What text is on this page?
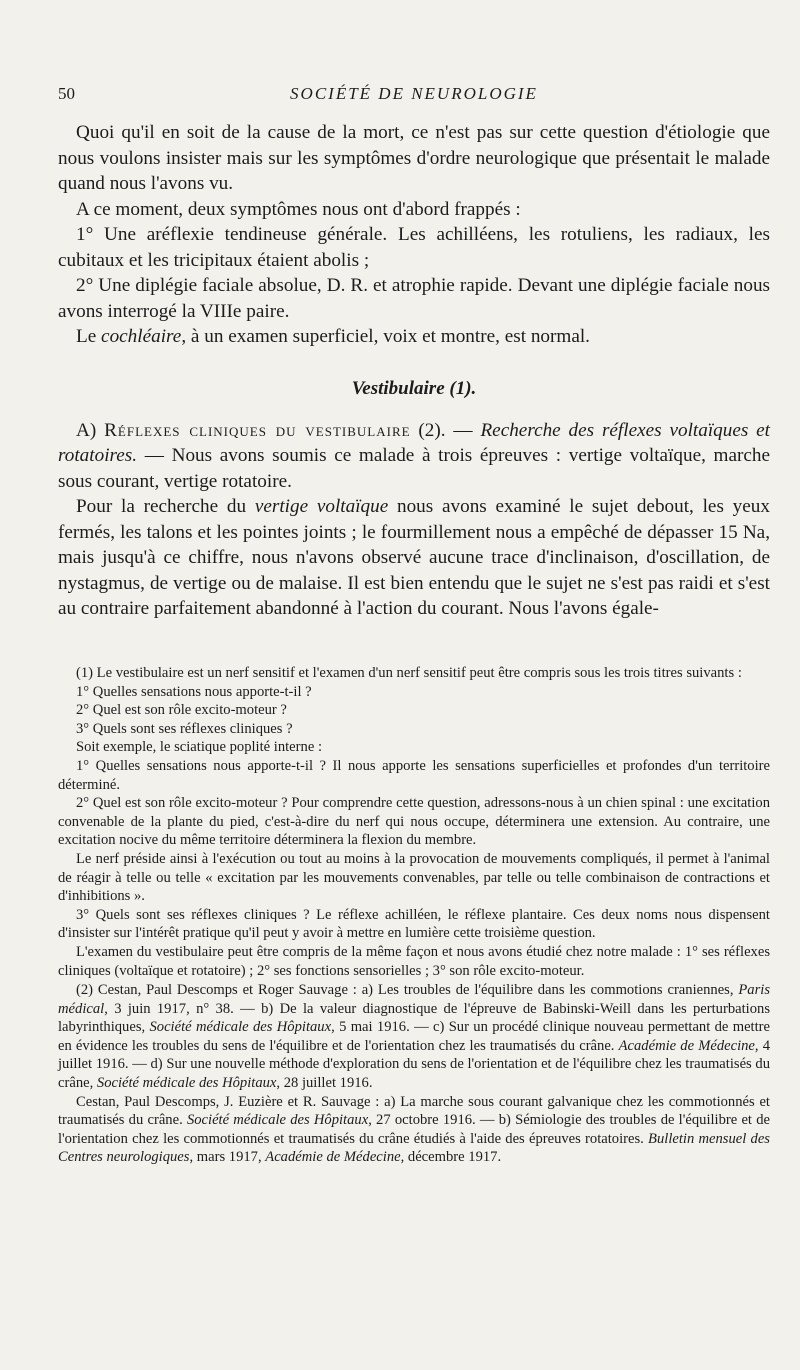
50	SOCIÉTÉ DE NEUROLOGIE

Quoi qu'il en soit de la cause de la mort, ce n'est pas sur cette question d'étiologie que nous voulons insister mais sur les symptômes d'ordre neurologique que présentait le malade quand nous l'avons vu.

A ce moment, deux symptômes nous ont d'abord frappés :

1° Une aréflexie tendineuse générale. Les achilléens, les rotuliens, les radiaux, les cubitaux et les tricipitaux étaient abolis ;

2° Une diplégie faciale absolue, D. R. et atrophie rapide. Devant une diplégie faciale nous avons interrogé la VIIIe paire.

Le cochléaire, à un examen superficiel, voix et montre, est normal.

Vestibulaire (1).

A) Réflexes cliniques du vestibulaire (2). — Recherche des réflexes voltaïques et rotatoires. — Nous avons soumis ce malade à trois épreuves : vertige voltaïque, marche sous courant, vertige rotatoire.

Pour la recherche du vertige voltaïque nous avons examiné le sujet debout, les yeux fermés, les talons et les pointes joints ; le fourmillement nous a empêché de dépasser 15 Na, mais jusqu'à ce chiffre, nous n'avons observé aucune trace d'inclinaison, d'oscillation, de nystagmus, de vertige ou de malaise. Il est bien entendu que le sujet ne s'est pas raidi et s'est au contraire parfaitement abandonné à l'action du courant. Nous l'avons égale-

(1) Le vestibulaire est un nerf sensitif et l'examen d'un nerf sensitif peut être compris sous les trois titres suivants :

1° Quelles sensations nous apporte-t-il ?

2° Quel est son rôle excito-moteur ?

3° Quels sont ses réflexes cliniques ?

Soit exemple, le sciatique poplité interne :

1° Quelles sensations nous apporte-t-il ? Il nous apporte les sensations superficielles et profondes d'un territoire déterminé.

2° Quel est son rôle excito-moteur ? Pour comprendre cette question, adressons-nous à un chien spinal : une excitation convenable de la plante du pied, c'est-à-dire du nerf qui nous occupe, déterminera une extension. Au contraire, une excitation nocive du même territoire déterminera la flexion du membre.

Le nerf préside ainsi à l'exécution ou tout au moins à la provocation de mouvements compliqués, il permet à l'animal de réagir à telle ou telle « excitation par les mouvements convenables, par telle ou telle combinaison de contractions et d'inhibitions ».

3° Quels sont ses réflexes cliniques ? Le réflexe achilléen, le réflexe plantaire. Ces deux noms nous dispensent d'insister sur l'intérêt pratique qu'il peut y avoir à mettre en lumière cette troisième question.

L'examen du vestibulaire peut être compris de la même façon et nous avons étudié chez notre malade : 1° ses réflexes cliniques (voltaïque et rotatoire) ; 2° ses fonctions sensorielles ; 3° son rôle excito-moteur.

(2) Cestan, Paul Descomps et Roger Sauvage : a) Les troubles de l'équilibre dans les commotions craniennes, Paris médical, 3 juin 1917, n° 38. — b) De la valeur diagnostique de l'épreuve de Babinski-Weill dans les perturbations labyrinthiques, Société médicale des Hôpitaux, 5 mai 1916. — c) Sur un procédé clinique nouveau permettant de mettre en évidence les troubles du sens de l'équilibre et de l'orientation chez les traumatisés du crâne. Académie de Médecine, 4 juillet 1916. — d) Sur une nouvelle méthode d'exploration du sens de l'orientation et de l'équilibre chez les traumatisés du crâne, Société médicale des Hôpitaux, 28 juillet 1916.

Cestan, Paul Descomps, J. Euzière et R. Sauvage : a) La marche sous courant galvanique chez les commotionnés et traumatisés du crâne. Société médicale des Hôpitaux, 27 octobre 1916. — b) Sémiologie des troubles de l'équilibre et de l'orientation chez les commotionnés et traumatisés du crâne étudiés à l'aide des épreuves rotatoires. Bulletin mensuel des Centres neurologiques, mars 1917, Académie de Médecine, décembre 1917.
